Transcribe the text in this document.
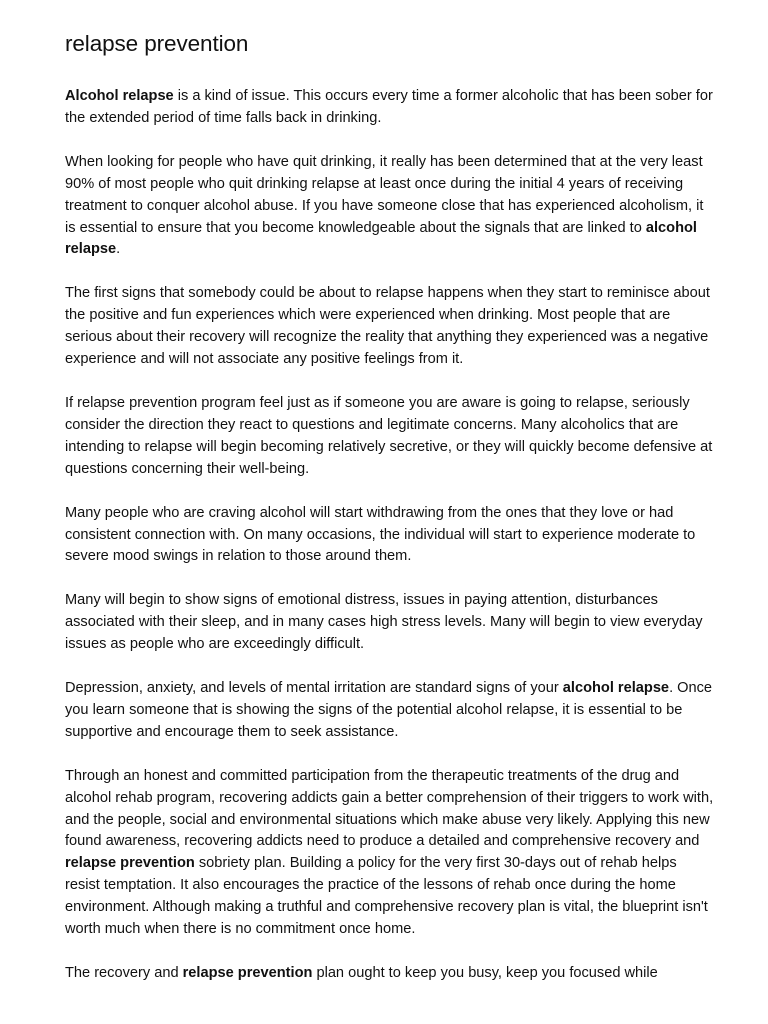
relapse prevention

Alcohol relapse is a kind of issue. This occurs every time a former alcoholic that has been sober for the extended period of time falls back in drinking.

When looking for people who have quit drinking, it really has been determined that at the very least 90% of most people who quit drinking relapse at least once during the initial 4 years of receiving treatment to conquer alcohol abuse. If you have someone close that has experienced alcoholism, it is essential to ensure that you become knowledgeable about the signals that are linked to alcohol relapse.

The first signs that somebody could be about to relapse happens when they start to reminisce about the positive and fun experiences which were experienced when drinking. Most people that are serious about their recovery will recognize the reality that anything they experienced was a negative experience and will not associate any positive feelings from it.

If relapse prevention program feel just as if someone you are aware is going to relapse, seriously consider the direction they react to questions and legitimate concerns. Many alcoholics that are intending to relapse will begin becoming relatively secretive, or they will quickly become defensive at questions concerning their well-being.

Many people who are craving alcohol will start withdrawing from the ones that they love or had consistent connection with. On many occasions, the individual will start to experience moderate to severe mood swings in relation to those around them.

Many will begin to show signs of emotional distress, issues in paying attention, disturbances associated with their sleep, and in many cases high stress levels. Many will begin to view everyday issues as people who are exceedingly difficult.

Depression, anxiety, and levels of mental irritation are standard signs of your alcohol relapse. Once you learn someone that is showing the signs of the potential alcohol relapse, it is essential to be supportive and encourage them to seek assistance.

Through an honest and committed participation from the therapeutic treatments of the drug and alcohol rehab program, recovering addicts gain a better comprehension of their triggers to work with, and the people, social and environmental situations which make abuse very likely. Applying this new found awareness, recovering addicts need to produce a detailed and comprehensive recovery and relapse prevention sobriety plan. Building a policy for the very first 30-days out of rehab helps resist temptation. It also encourages the practice of the lessons of rehab once during the home environment. Although making a truthful and comprehensive recovery plan is vital, the blueprint isn't worth much when there is no commitment once home.

The recovery and relapse prevention plan ought to keep you busy, keep you focused while
